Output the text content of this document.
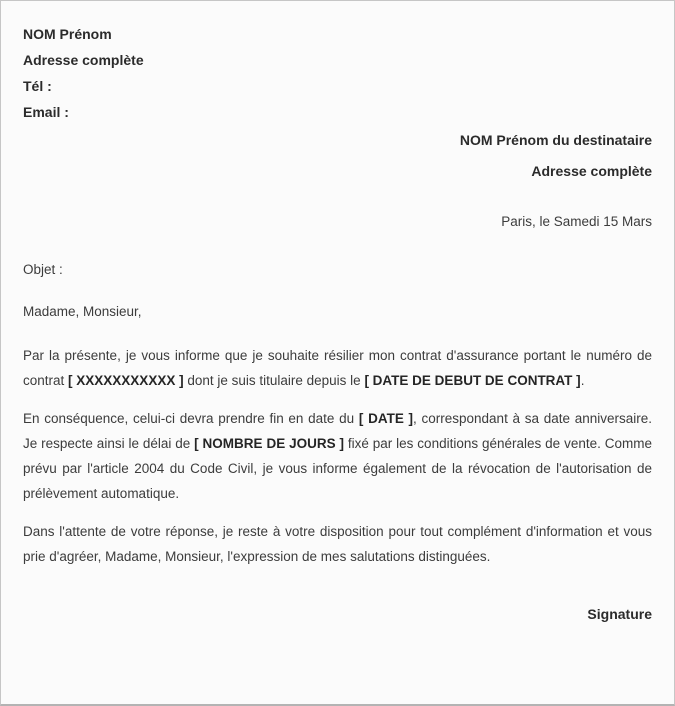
NOM Prénom

Adresse complète

Tél :

Email :

NOM Prénom du destinataire

Adresse complète

Paris, le Samedi 15 Mars

Objet :

Madame, Monsieur,

Par la présente, je vous informe que je souhaite résilier mon contrat d'assurance portant le numéro de contrat [ XXXXXXXXXXX ] dont je suis titulaire depuis le [ DATE DE DEBUT DE CONTRAT ].

En conséquence, celui-ci devra prendre fin en date du [ DATE ], correspondant à sa date anniversaire. Je respecte ainsi le délai de [ NOMBRE DE JOURS ] fixé par les conditions générales de vente. Comme prévu par l'article 2004 du Code Civil, je vous informe également de la révocation de l'autorisation de prélèvement automatique.

Dans l'attente de votre réponse, je reste à votre disposition pour tout complément d'information et vous prie d'agréer, Madame, Monsieur, l'expression de mes salutations distinguées.

Signature
